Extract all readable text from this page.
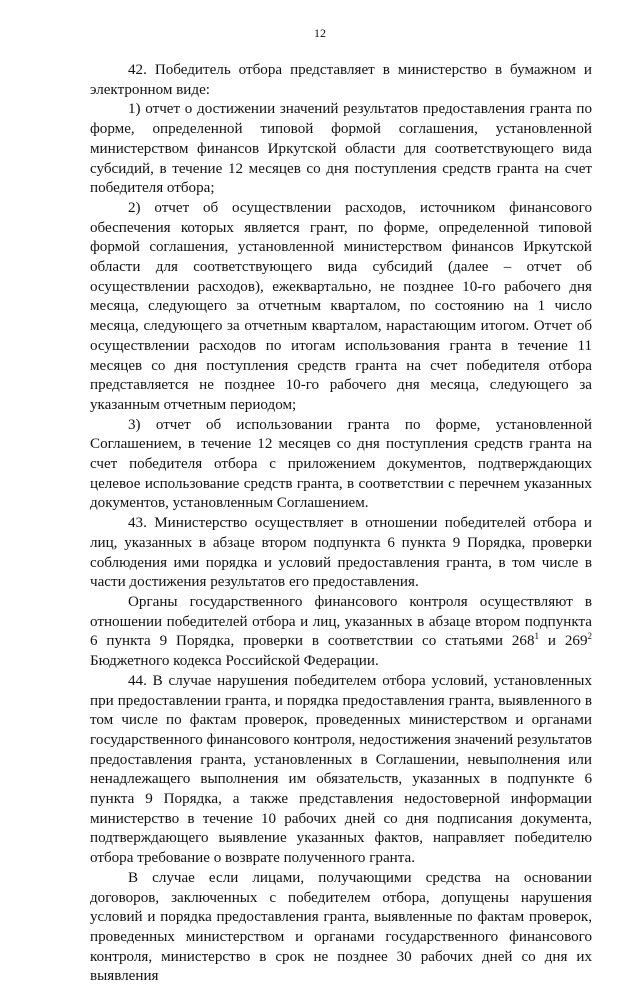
12

42. Победитель отбора представляет в министерство в бумажном и электронном виде:

1) отчет о достижении значений результатов предоставления гранта по форме, определенной типовой формой соглашения, установленной министерством финансов Иркутской области для соответствующего вида субсидий, в течение 12 месяцев со дня поступления средств гранта на счет победителя отбора;

2) отчет об осуществлении расходов, источником финансового обеспечения которых является грант, по форме, определенной типовой формой соглашения, установленной министерством финансов Иркутской области для соответствующего вида субсидий (далее – отчет об осуществлении расходов), ежеквартально, не позднее 10-го рабочего дня месяца, следующего за отчетным кварталом, по состоянию на 1 число месяца, следующего за отчетным кварталом, нарастающим итогом. Отчет об осуществлении расходов по итогам использования гранта в течение 11 месяцев со дня поступления средств гранта на счет победителя отбора представляется не позднее 10-го рабочего дня месяца, следующего за указанным отчетным периодом;

3) отчет об использовании гранта по форме, установленной Соглашением, в течение 12 месяцев со дня поступления средств гранта на счет победителя отбора с приложением документов, подтверждающих целевое использование средств гранта, в соответствии с перечнем указанных документов, установленным Соглашением.

43. Министерство осуществляет в отношении победителей отбора и лиц, указанных в абзаце втором подпункта 6 пункта 9 Порядка, проверки соблюдения ими порядка и условий предоставления гранта, в том числе в части достижения результатов его предоставления.

Органы государственного финансового контроля осуществляют в отношении победителей отбора и лиц, указанных в абзаце втором подпункта 6 пункта 9 Порядка, проверки в соответствии со статьями $268^1$ и $269^2$ Бюджетного кодекса Российской Федерации.

44. В случае нарушения победителем отбора условий, установленных при предоставлении гранта, и порядка предоставления гранта, выявленного в том числе по фактам проверок, проведенных министерством и органами государственного финансового контроля, недостижения значений результатов предоставления гранта, установленных в Соглашении, невыполнения или ненадлежащего выполнения им обязательств, указанных в подпункте 6 пункта 9 Порядка, а также представления недостоверной информации министерство в течение 10 рабочих дней со дня подписания документа, подтверждающего выявление указанных фактов, направляет победителю отбора требование о возврате полученного гранта.

В случае если лицами, получающими средства на основании договоров, заключенных с победителем отбора, допущены нарушения условий и порядка предоставления гранта, выявленные по фактам проверок, проведенных министерством и органами государственного финансового контроля, министерство в срок не позднее 30 рабочих дней со дня их выявления
